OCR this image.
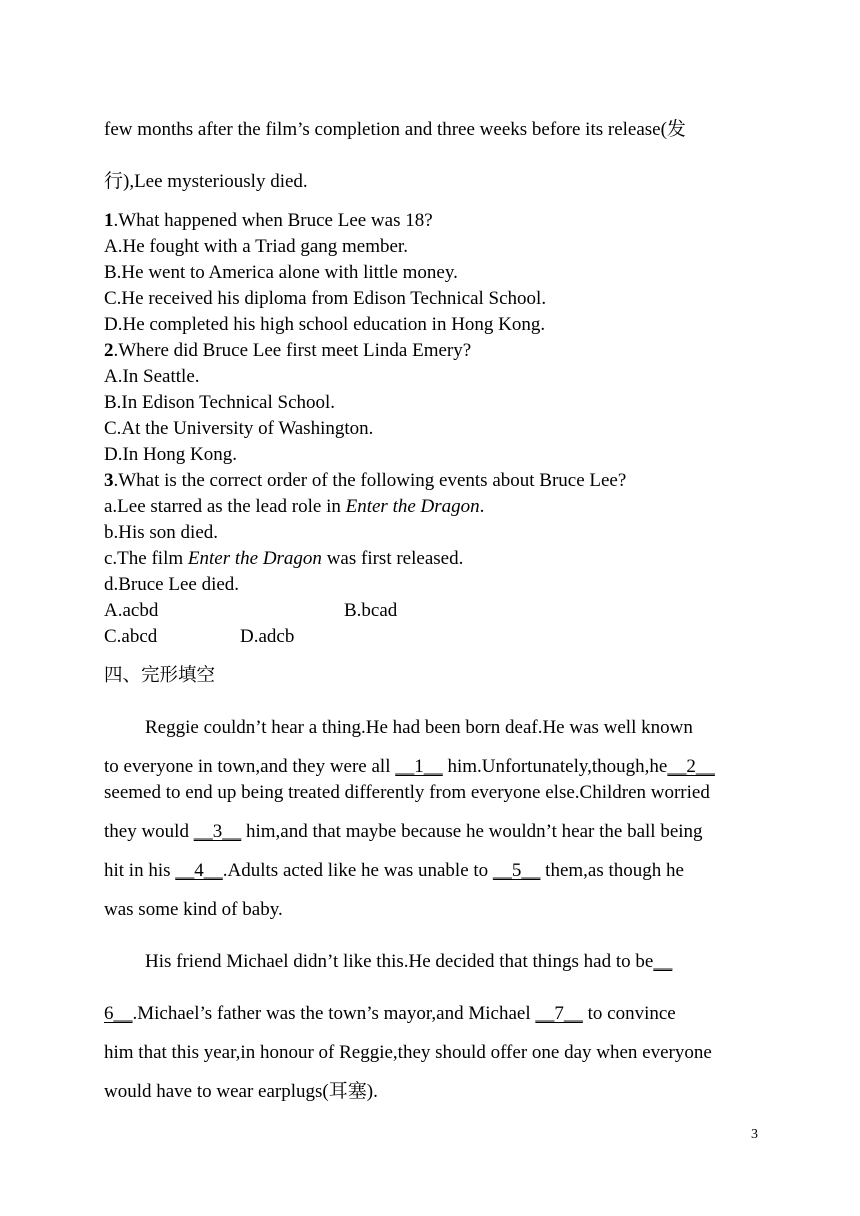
few months after the film’s completion and three weeks before its release(发
行),Lee mysteriously died.
1.What happened when Bruce Lee was 18?
A.He fought with a Triad gang member.
B.He went to America alone with little money.
C.He received his diploma from Edison Technical School.
D.He completed his high school education in Hong Kong.
2.Where did Bruce Lee first meet Linda Emery?
A.In Seattle.
B.In Edison Technical School.
C.At the University of Washington.
D.In Hong Kong.
3.What is the correct order of the following events about Bruce Lee?
a.Lee starred as the lead role in Enter the Dragon.
b.His son died.
c.The film Enter the Dragon was first released.
d.Bruce Lee died.
A.acbd	B.bcad
C.abcd	D.adcb
四、完形填空
Reggie couldn’t hear a thing.He had been born deaf.He was well known
to everyone in town,and they were all __1__ him.Unfortunately,though,he__2__
seemed to end up being treated differently from everyone else.Children worried
they would __3__ him,and that maybe because he wouldn’t hear the ball being
hit in his __4__.Adults acted like he was unable to __5__ them,as though he
was some kind of baby.
His friend Michael didn’t like this.He decided that things had to be__
6__.Michael’s father was the town’s mayor,and Michael __7__ to convince
him that this year,in honour of Reggie,they should offer one day when everyone
would have to wear earplugs(耳塞).
3
